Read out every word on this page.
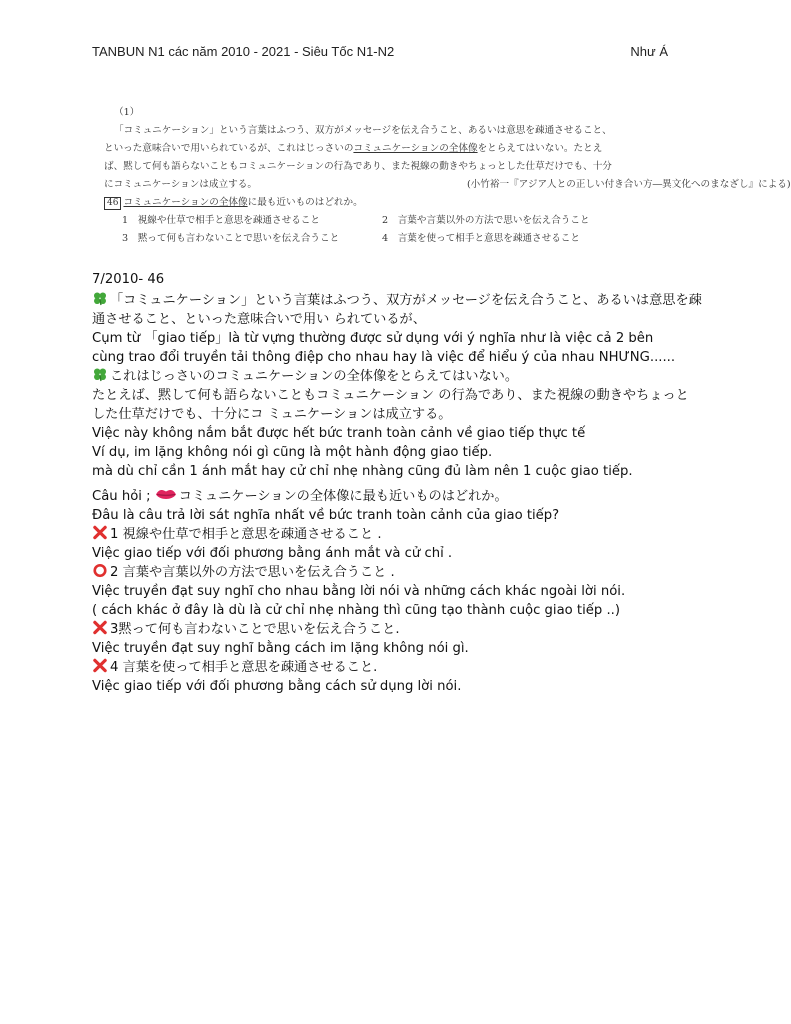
TANBUN N1 các năm 2010 - 2021 - Siêu Tốc N1-N2	Như Á
（1）
「コミュニケーション」という言葉はふつう、双方がメッセージを伝え合うこと、あるいは意思を疎通させること、
といった意味合いで用いられているが、これはじっさいのコミュニケーションの全体像をとらえてはいない。たとえ
ば、黙して何も語らないこともコミュニケーションの行為であり、また視線の動きやちょっとした仕草だけでも、十分
にコミュニケーションは成立する。	(小竹裕一『アジア人との正しい付き合い方―異文化へのまなざし』による)
46 コミュニケーションの全体像に最も近いものはどれか。
1　視線や仕草で相手と意思を疎通させること	2　言葉や言葉以外の方法で思いを伝え合うこと
3　黙って何も言わないことで思いを伝え合うこと	4　言葉を使って相手と意思を疎通させること
7/2010- 46
「コミュニケーション」という言葉はふつう、双方がメッセージを伝え合うこと、あるいは意思を疎
通させること、といった意味合いで用い られているが、
Cụm từ 「giao tiếp」là từ vựng thường được sử dụng với ý nghĩa như là việc cả 2 bên
cùng trao đổi truyền tải thông điệp cho nhau hay là việc để hiểu ý của nhau NHƯNG......
これはじっさいのコミュニケーションの全体像をとらえてはいない。
たとえば、黙して何も語らないこともコミュニケーション の行為であり、また視線の動きやちょっと
した仕草だけでも、十分にコ ミュニケーションは成立する。
Việc này không nắm bắt được hết bức tranh toàn cảnh về giao tiếp thực tế
Ví dụ, im lặng không nói gì cũng là một hành động giao tiếp.
mà dù chỉ cần 1 ánh mắt hay cử chỉ nhẹ nhàng cũng đủ làm nên 1 cuộc giao tiếp.
Câu hỏi ; コミュニケーションの全体像に最も近いものはどれか。
Đâu là câu trả lời sát nghĩa nhất về bức tranh toàn cảnh của giao tiếp?
1 視線や仕草で相手と意思を疎通させること .
Việc giao tiếp với đối phương bằng ánh mắt và cử chỉ .
2 言葉や言葉以外の方法で思いを伝え合うこと .
Việc truyền đạt suy nghĩ cho nhau bằng lời nói và những cách khác ngoài lời nói.
( cách khác ở đây là dù là cử chỉ nhẹ nhàng thì cũng tạo thành cuộc giao tiếp ..)
3黙って何も言わないことで思いを伝え合うこと.
Việc truyền đạt suy nghĩ bằng cách im lặng không nói gì.
4 言葉を使って相手と意思を疎通させること.
Việc giao tiếp với đối phương bằng cách sử dụng lời nói.
